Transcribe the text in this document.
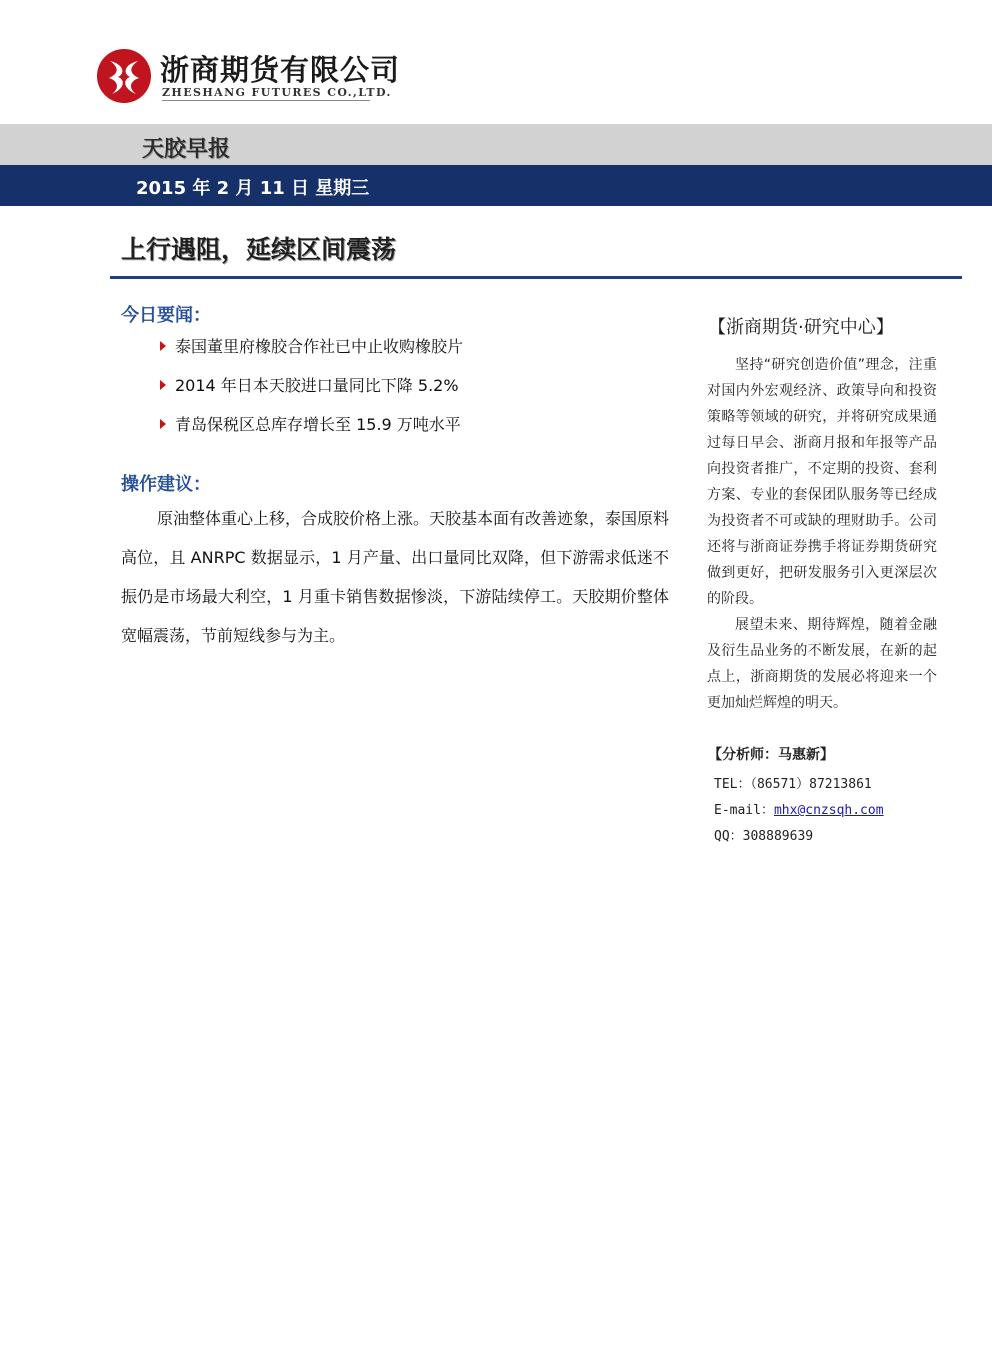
浙商期货有限公司
ZHESHANG FUTURES CO.,LTD.
天胶早报
2015 年 2 月 11 日 星期三
上行遇阻，延续区间震荡
今日要闻：
泰国董里府橡胶合作社已中止收购橡胶片
2014 年日本天胶进口量同比下降 5.2%
青岛保税区总库存增长至 15.9 万吨水平
操作建议：

原油整体重心上移，合成胶价格上涨。天胶基本面有改善迹象，泰国原料高位，且 ANRPC 数据显示，1 月产量、出口量同比双降，但下游需求低迷不振仍是市场最大利空，1 月重卡销售数据惨淡，下游陆续停工。天胶期价整体宽幅震荡，节前短线参与为主。

【浙商期货·研究中心】

坚持“研究创造价值”理念，注重对国内外宏观经济、政策导向和投资策略等领域的研究，并将研究成果通过每日早会、浙商月报和年报等产品向投资者推广，不定期的投资、套利方案、专业的套保团队服务等已经成为投资者不可或缺的理财助手。公司还将与浙商证券携手将证券期货研究做到更好，把研发服务引入更深层次的阶段。

展望未来、期待辉煌，随着金融及衍生品业务的不断发展，在新的起点上，浙商期货的发展必将迎来一个更加灿烂辉煌的明天。

【分析师：马惠新】
TEL：（86571）87213861
E-mail：mhx@cnzsqh.com
QQ：308889639
